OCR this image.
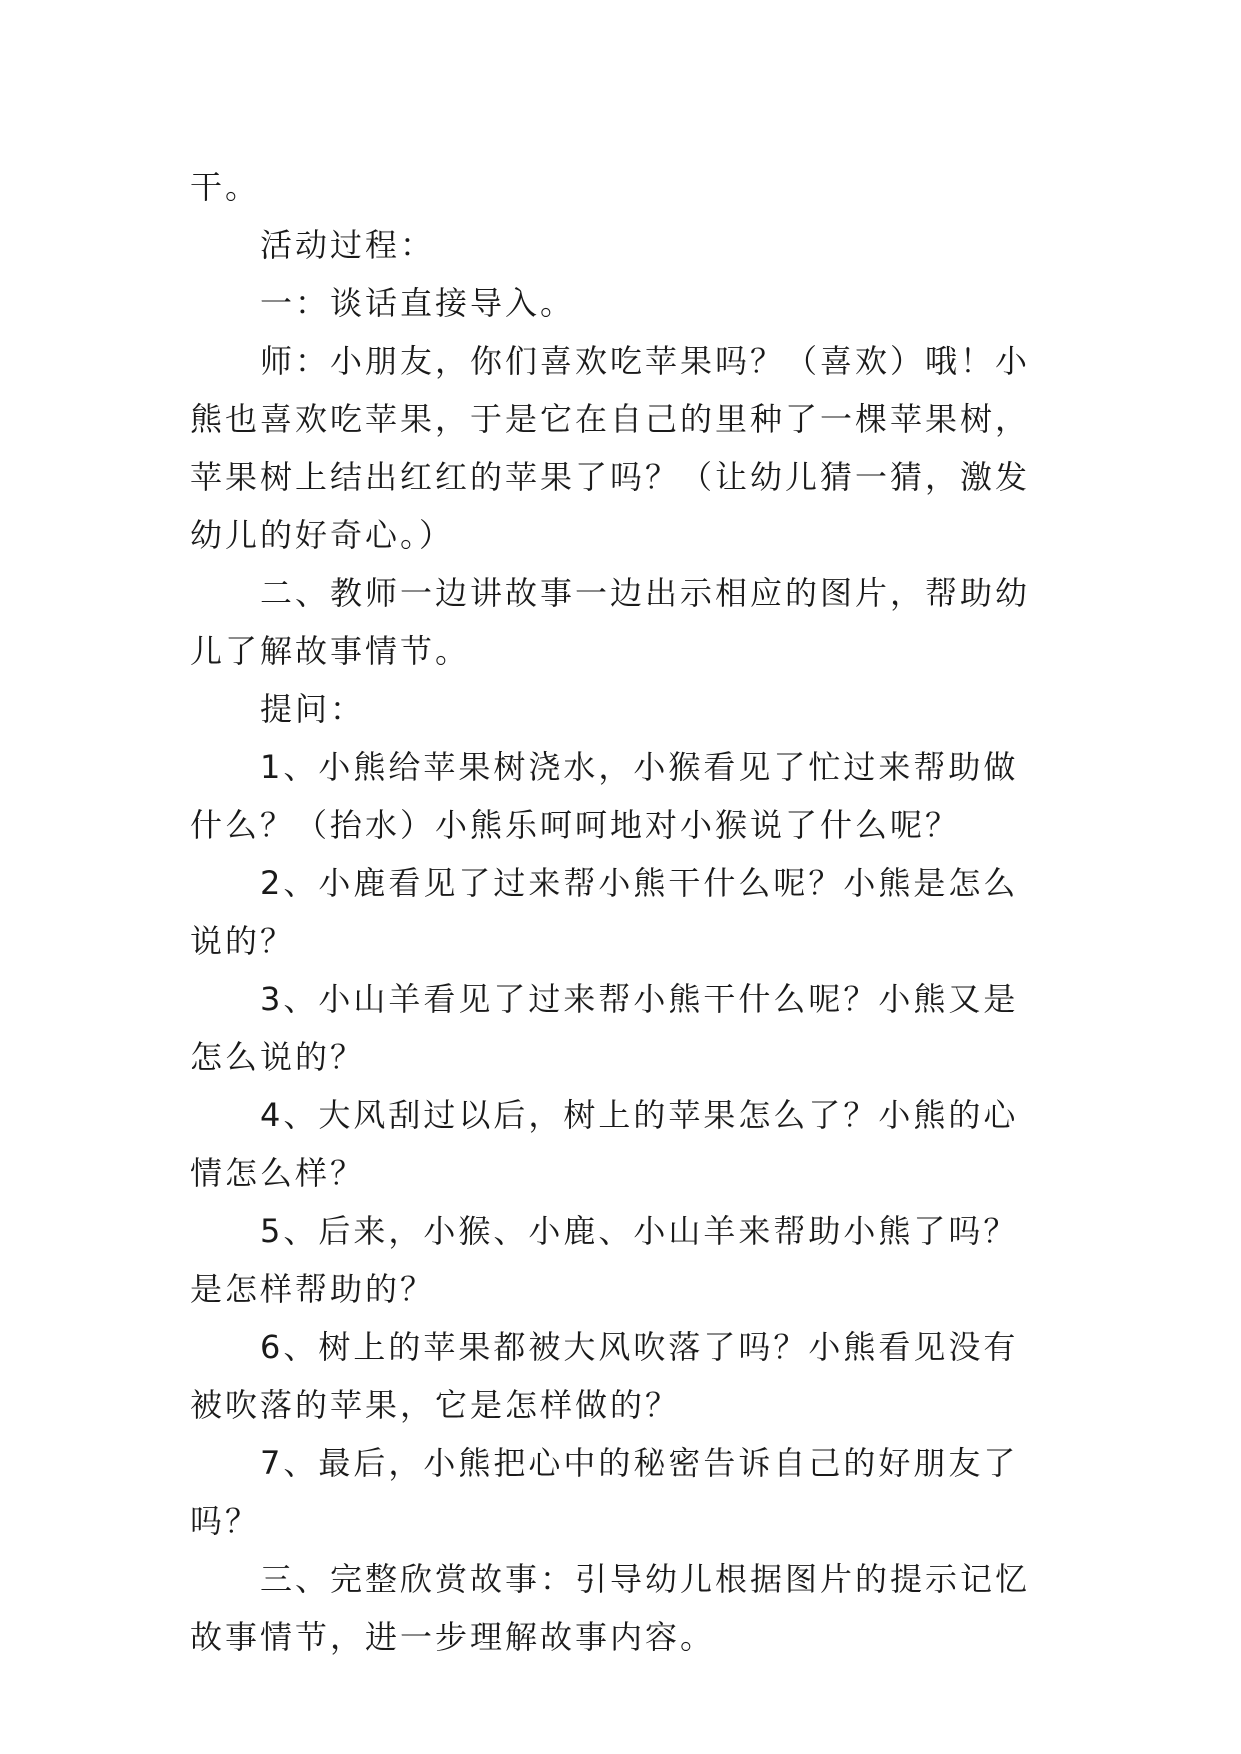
干。

活动过程：

一：谈话直接导入。

师：小朋友，你们喜欢吃苹果吗？（喜欢）哦！小熊也喜欢吃苹果，于是它在自己的里种了一棵苹果树，苹果树上结出红红的苹果了吗？（让幼儿猜一猜，激发幼儿的好奇心。）

二、教师一边讲故事一边出示相应的图片，帮助幼儿了解故事情节。

提问：

1、小熊给苹果树浇水，小猴看见了忙过来帮助做什么？（抬水）小熊乐呵呵地对小猴说了什么呢？

2、小鹿看见了过来帮小熊干什么呢？小熊是怎么说的？

3、小山羊看见了过来帮小熊干什么呢？小熊又是怎么说的？

4、大风刮过以后，树上的苹果怎么了？小熊的心情怎么样？

5、后来，小猴、小鹿、小山羊来帮助小熊了吗？是怎样帮助的？

6、树上的苹果都被大风吹落了吗？小熊看见没有被吹落的苹果，它是怎样做的？

7、最后，小熊把心中的秘密告诉自己的好朋友了吗？

三、完整欣赏故事：引导幼儿根据图片的提示记忆故事情节，进一步理解故事内容。
